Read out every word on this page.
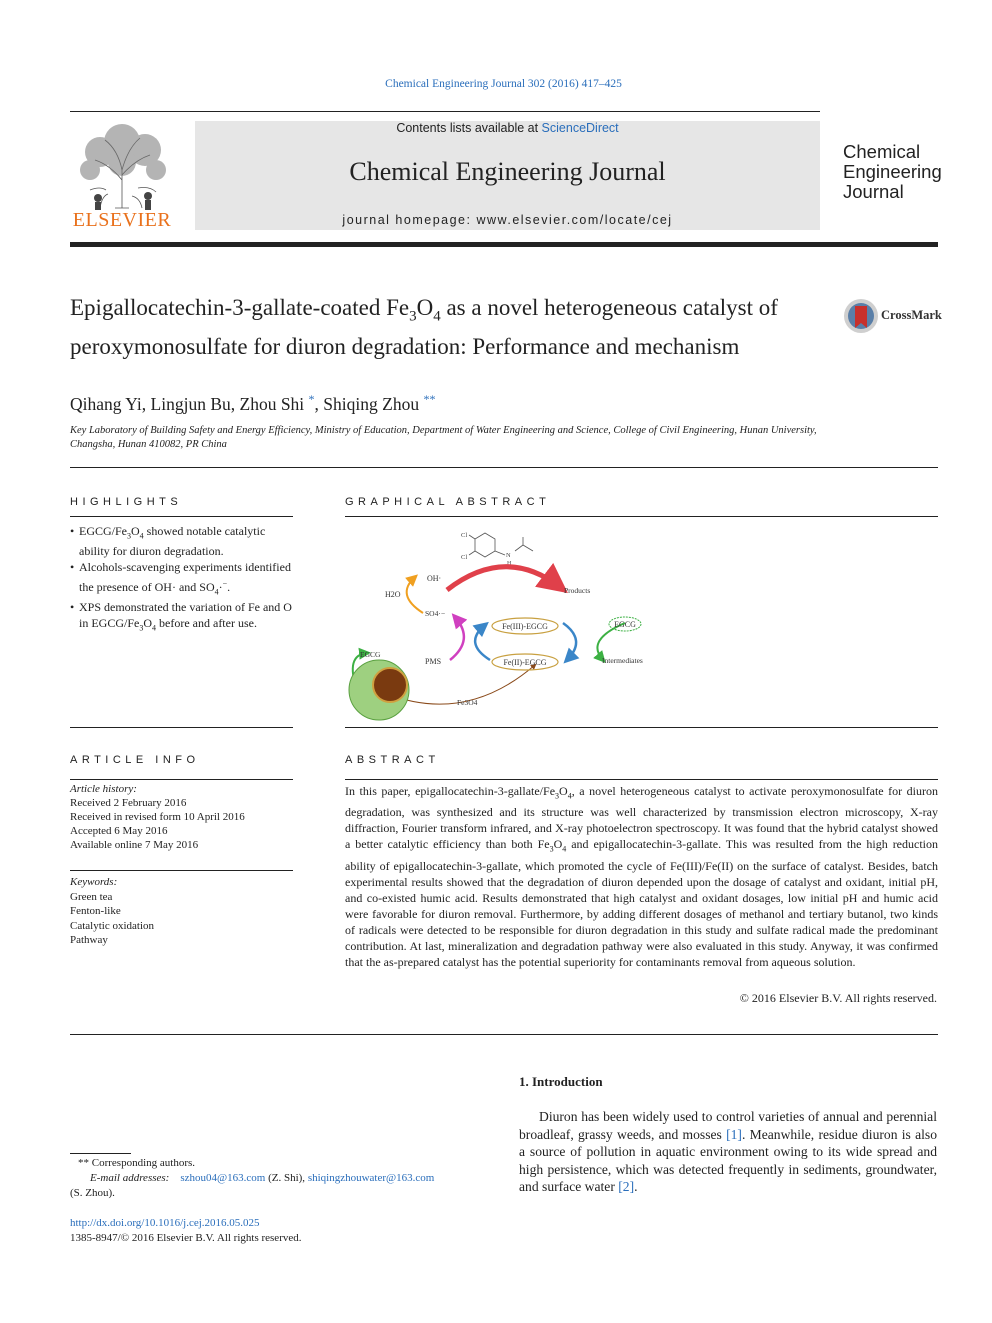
Chemical Engineering Journal 302 (2016) 417–425
ELSEVIER
Contents lists available at ScienceDirect
Chemical Engineering Journal
journal homepage: www.elsevier.com/locate/cej
Chemical
Engineering
Journal
Epigallocatechin-3-gallate-coated $Fe_3O_4$ as a novel heterogeneous catalyst of peroxymonosulfate for diuron degradation: Performance and mechanism
CrossMark
Qihang Yi, Lingjun Bu, Zhou Shi *, Shiqing Zhou **
Key Laboratory of Building Safety and Energy Efficiency, Ministry of Education, Department of Water Engineering and Science, College of Civil Engineering, Hunan University, Changsha, Hunan 410082, PR China
HIGHLIGHTS
• EGCG/$Fe_3O_4$ showed notable catalytic ability for diuron degradation.
• Alcohols-scavenging experiments identified the presence of OH· and $SO_4\cdot^-$.
• XPS demonstrated the variation of Fe and O in EGCG/$Fe_3O_4$ before and after use.
GRAPHICAL ABSTRACT
Cl
Cl	N
H
OH·
H2O
SO4·−
Products
PMS
Fe(III)-EGCG
Fe(II)-EGCG
EGCG
Intermediates
EGCG
Fe3O4
ARTICLE INFO
Article history:
Received 2 February 2016
Received in revised form 10 April 2016
Accepted 6 May 2016
Available online 7 May 2016
Keywords:
Green tea
Fenton-like
Catalytic oxidation
Pathway
ABSTRACT
In this paper, epigallocatechin-$3-gallate/Fe_3O_4$, a novel heterogeneous catalyst to activate peroxymonosulfate for diuron degradation, was synthesized and its structure was well characterized by transmission electron microscopy, X-ray diffraction, Fourier transform infrared, and X-ray photoelectron spectroscopy. It was found that the hybrid catalyst showed a better catalytic efficiency than both $Fe_3O_4$ and epigallocatechin-3-gallate. This was resulted from the high reduction ability of epigallocatechin-3-gallate, which promoted the cycle of Fe(III)/Fe(II) on the surface of catalyst. Besides, batch experimental results showed that the degradation of diuron depended upon the dosage of catalyst and oxidant, initial pH, and co-existed humic acid. Results demonstrated that high catalyst and oxidant dosages, low initial pH and humic acid were favorable for diuron removal. Furthermore, by adding different dosages of methanol and tertiary butanol, two kinds of radicals were detected to be responsible for diuron degradation in this study and sulfate radical made the predominant contribution. At last, mineralization and degradation pathway were also evaluated in this study. Anyway, it was confirmed that the as-prepared catalyst has the potential superiority for contaminants removal from aqueous solution.
© 2016 Elsevier B.V. All rights reserved.
1. Introduction
Diuron has been widely used to control varieties of annual and perennial broadleaf, grassy weeds, and mosses [1]. Meanwhile, residue diuron is also a source of pollution in aquatic environment owing to its wide spread and high persistence, which was detected frequently in sediments, groundwater, and surface water [2].
** Corresponding authors.
E-mail addresses: szhou04@163.com (Z. Shi), shiqingzhouwater@163.com
(S. Zhou).
http://dx.doi.org/10.1016/j.cej.2016.05.025
1385-8947/© 2016 Elsevier B.V. All rights reserved.
